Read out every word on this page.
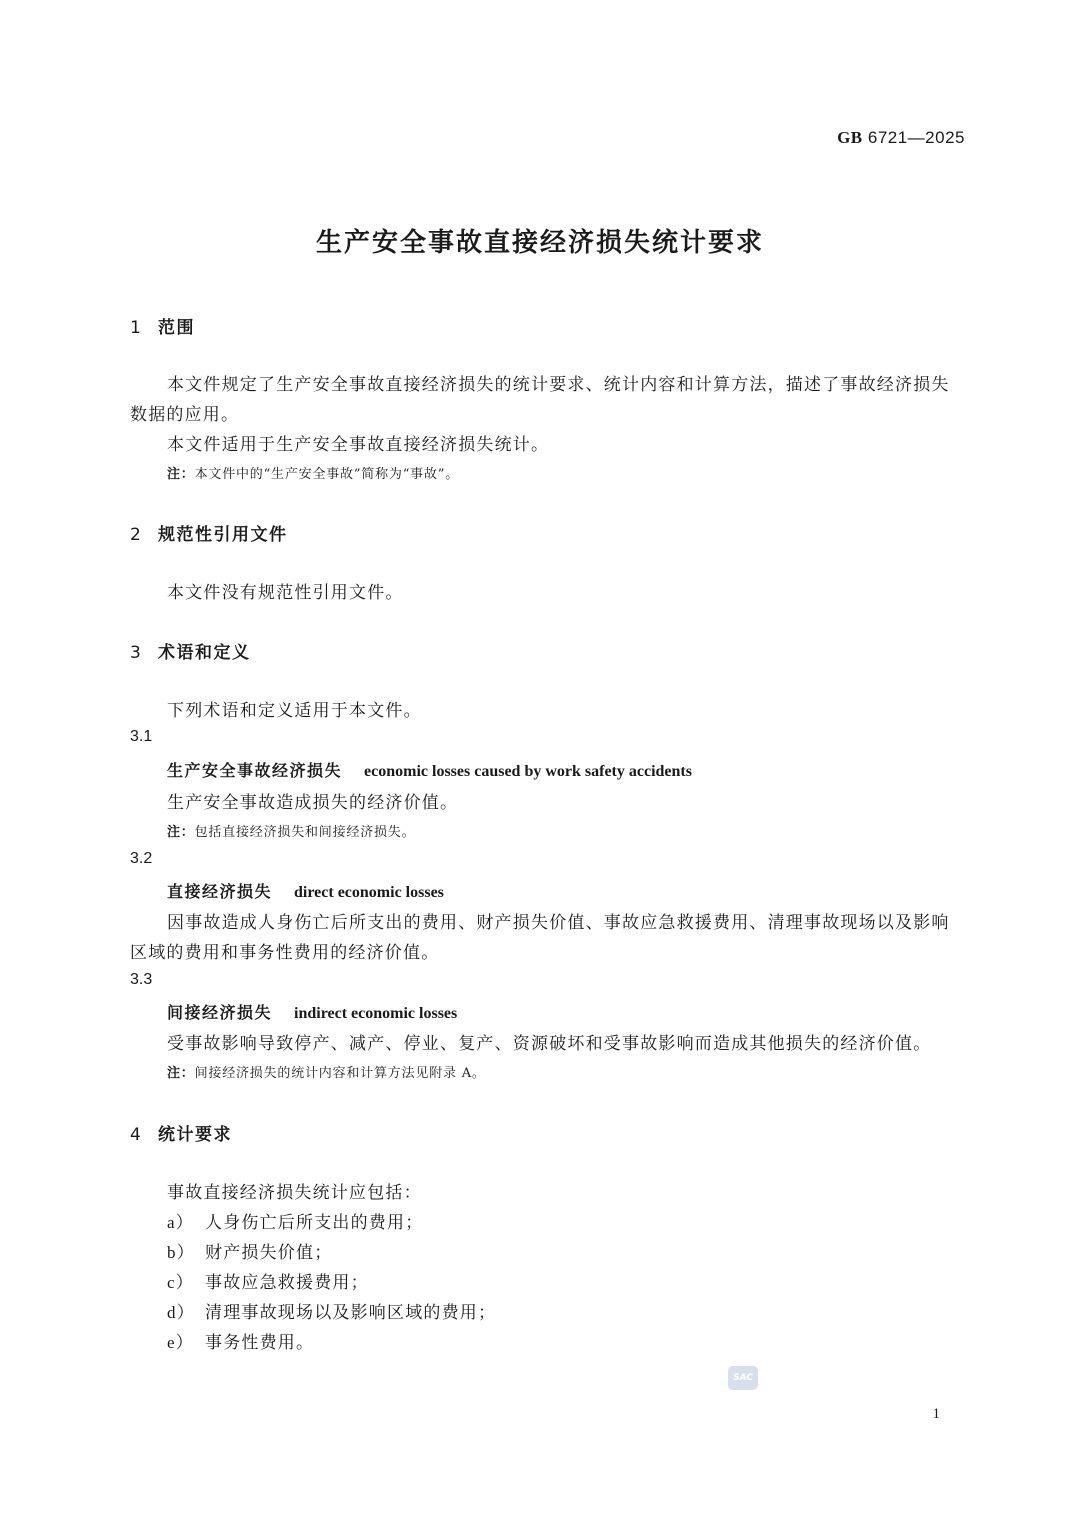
GB 6721—2025
生产安全事故直接经济损失统计要求
1 范围
本文件规定了生产安全事故直接经济损失的统计要求、统计内容和计算方法，描述了事故经济损失
数据的应用。
本文件适用于生产安全事故直接经济损失统计。
注：本文件中的“生产安全事故”简称为“事故”。
2 规范性引用文件
本文件没有规范性引用文件。
3 术语和定义
下列术语和定义适用于本文件。
3.1
生产安全事故经济损失 economic losses caused by work safety accidents
生产安全事故造成损失的经济价值。
注：包括直接经济损失和间接经济损失。
3.2
直接经济损失 direct economic losses
因事故造成人身伤亡后所支出的费用、财产损失价值、事故应急救援费用、清理事故现场以及影响
区域的费用和事务性费用的经济价值。
3.3
间接经济损失 indirect economic losses
受事故影响导致停产、减产、停业、复产、资源破坏和受事故影响而造成其他损失的经济价值。
注：间接经济损失的统计内容和计算方法见附录 A。
4 统计要求
事故直接经济损失统计应包括：
a） 人身伤亡后所支出的费用；
b） 财产损失价值；
c） 事故应急救援费用；
d） 清理事故现场以及影响区域的费用；
e） 事务性费用。
SAC
1
